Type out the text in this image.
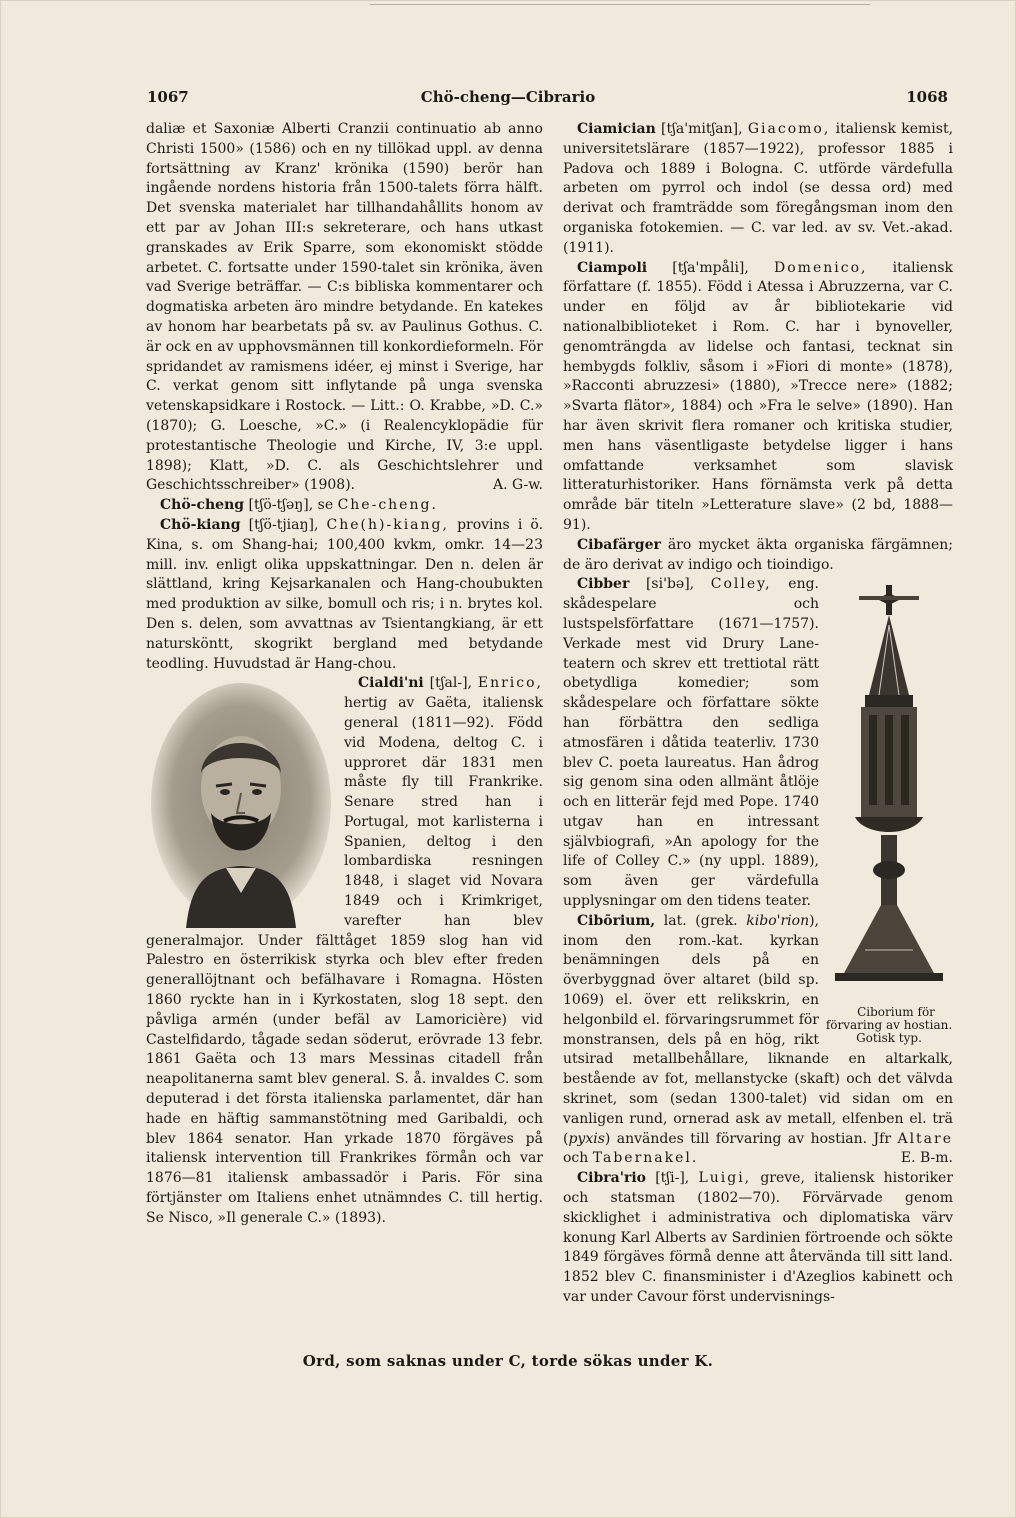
Chö-cheng—Cibrario
1067	1068

daliæ et Saxoniæ Alberti Cranzii continuatio ab anno Christi 1500» (1586) och en ny tillökad uppl. av denna fortsättning av Kranz' krönika (1590) berör han ingående nordens historia från 1500-talets förra hälft. Det svenska materialet har tillhandahållits honom av ett par av Johan III:s sekreterare, och hans utkast granskades av Erik Sparre, som ekonomiskt stödde arbetet. C. fortsatte under 1590-talet sin krönika, även vad Sverige beträffar. — C:s bibliska kommentarer och dogmatiska arbeten äro mindre betydande. En katekes av honom har bearbetats på sv. av Paulinus Gothus. C. är ock en av upphovsmännen till konkordieformeln. För spridandet av ramismens idéer, ej minst i Sverige, har C. verkat genom sitt inflytande på unga svenska vetenskapsidkare i Rostock. — Litt.: O. Krabbe, »D. C.» (1870); G. Loesche, »C.» (i Realencyklopädie für protestantische Theologie und Kirche, IV, 3:e uppl. 1898); Klatt, »D. C. als Geschichtslehrer und Geschichtsschreiber» (1908).	A. G-w.

Chö-cheng [tʃö-tʃəŋ], se Che-cheng.

Chö-kiang [tʃö-tjiaŋ], Che(h)-kiang, provins i ö. Kina, s. om Shang-hai; 100,400 kvkm, omkr. 14—23 mill. inv. enligt olika uppskattningar. Den n. delen är slättland, kring Kejsarkanalen och Hang-choubukten med produktion av silke, bomull och ris; i n. brytes kol. Den s. delen, som avvattnas av Tsientangkiang, är ett natursköntt, skogrikt bergland med betydande teodling. Huvudstad är Hang-chou.

Cialdi'ni [tʃal-], Enrico,
hertig av Gaëta, italiensk general (1811—92). Född vid Modena, deltog C. i upproret där 1831 men måste fly till Frankrike. Senare stred han i Portugal, mot karlisterna i Spanien, deltog i den lombardiska resningen 1848, i slaget vid Novara 1849 och i Krimkriget, varefter han blev generalmajor. Under fälttåget 1859 slog han vid Palestro en österrikisk styrka och blev efter freden generallöjtnant och befälhavare i Romagna. Hösten 1860 ryckte han in i Kyrkostaten, slog 18 sept. den påvliga armén (under befäl av Lamoricière) vid Castelfidardo, tågade sedan söderut, erövrade 13 febr. 1861 Gaëta och 13 mars Messinas citadell från neapolitanerna samt blev general. S. å. invaldes C. som deputerad i det första italienska parlamentet, där han hade en häftig sammanstötning med Garibaldi, och blev 1864 senator. Han yrkade 1870 förgäves på italiensk intervention till Frankrikes förmån och var 1876—81 italiensk ambassadör i Paris. För sina förtjänster om Italiens enhet utnämndes C. till hertig. Se Nisco, »Il generale C.» (1893).

Ciamician [tʃa'mitʃan], Giacomo, italiensk kemist, universitetslärare (1857—1922), professor 1885 i Padova och 1889 i Bologna. C. utförde värdefulla arbeten om pyrrol och indol (se dessa ord) med derivat och framträdde som föregångsman inom den organiska fotokemien. — C. var led. av sv. Vet.-akad. (1911).

Ciampoli [tʃa'mpåli], Domenico, italiensk författare (f. 1855). Född i Atessa i Abruzzerna, var C. under en följd av år bibliotekarie vid nationalbiblioteket i Rom. C. har i bynoveller, genomträngda av lidelse och fantasi, tecknat sin hembygds folkliv, såsom i »Fiori di monte» (1878), »Racconti abruzzesi» (1880), »Trecce nere» (1882; »Svarta flätor», 1884) och »Fra le selve» (1890). Han har även skrivit flera romaner och kritiska studier, men hans väsentligaste betydelse ligger i hans omfattande verksamhet som slavisk litteraturhistoriker. Hans förnämsta verk på detta område bär titeln »Letterature slave» (2 bd, 1888—91).

Cibafärger äro mycket äkta organiska färgämnen; de äro derivat av indigo och tioindigo.

Cibber [si'bə], Colley,
Ciborium för förvaring av hostian. Gotisk typ.
eng. skådespelare och lustspelsförfattare (1671—1757). Verkade mest vid Drury Lane-teatern och skrev ett trettiotal rätt obetydliga komedier; som skådespelare och författare sökte han förbättra den sedliga atmosfären i dåtida teaterliv. 1730 blev C. poeta laureatus. Han ådrog sig genom sina oden allmänt åtlöje och en litterär fejd med Pope. 1740 utgav han en intressant självbiografi, »An apology for the life of Colley C.» (ny uppl. 1889), som även ger värdefulla upplysningar om den tidens teater.

Cibōrium, lat. (grek. kibo'rion), inom den rom.-kat. kyrkan benämningen dels på en överbyggnad över altaret (bild sp. 1069) el. över ett relikskrin, en helgonbild el. förvaringsrummet för monstransen, dels på en hög, rikt utsirad metallbehållare, liknande en altarkalk, bestående av fot, mellanstycke (skaft) och det välvda skrinet, som (sedan 1300-talet) vid sidan om en vanligen rund, ornerad ask av metall, elfenben el. trä (pyxis) användes till förvaring av hostian. Jfr Altare och Tabernakel.	E. B-m.

Cibra'rio [tʃi-], Luigi, greve, italiensk historiker och statsman (1802—70). Förvärvade genom skicklighet i administrativa och diplomatiska värv konung Karl Alberts av Sardinien förtroende och sökte 1849 förgäves förmå denne att återvända till sitt land. 1852 blev C. finansminister i d'Azeglios kabinett och var under Cavour först undervisnings-

Ord, som saknas under C, torde sökas under K.
